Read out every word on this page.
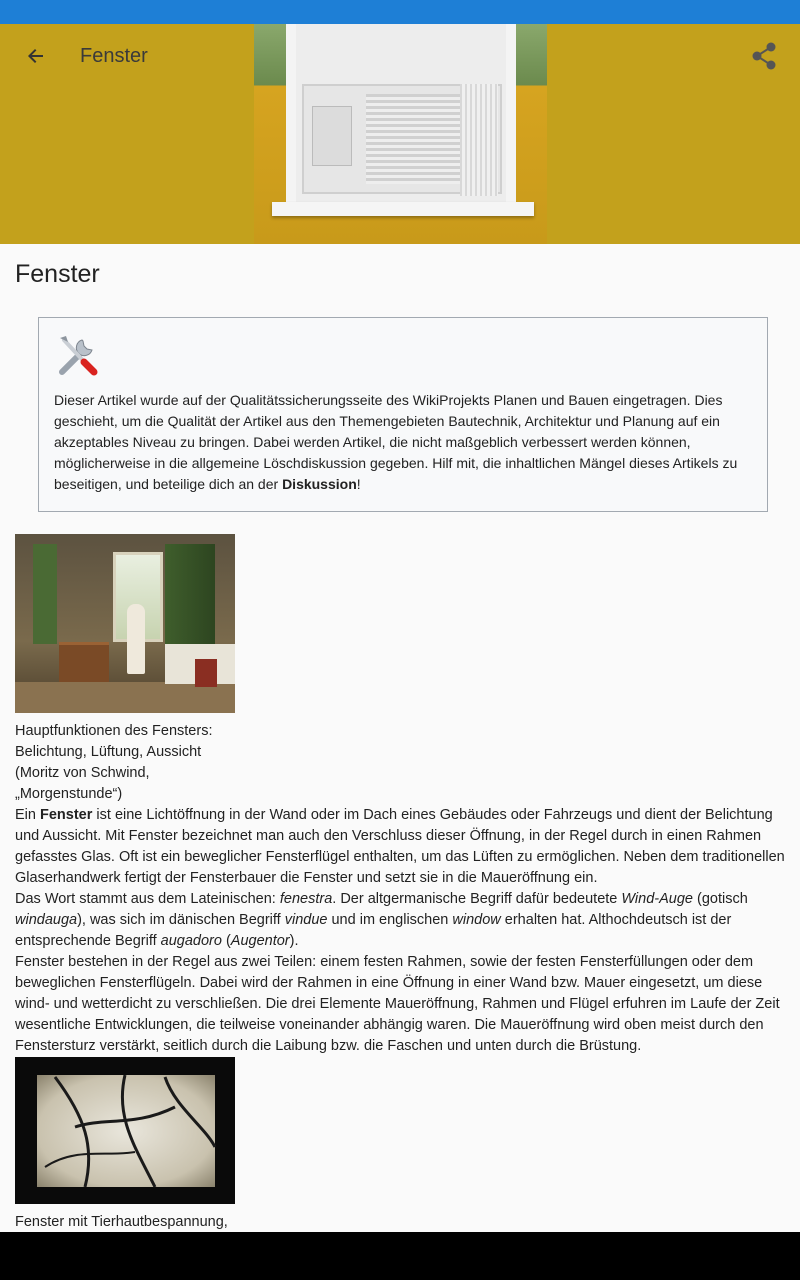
Fenster
Fenster

Dieser Artikel wurde auf der Qualitätssicherungsseite des WikiProjekts Planen und Bauen eingetragen. Dies geschieht, um die Qualität der Artikel aus den Themengebieten Bautechnik, Architektur und Planung auf ein akzeptables Niveau zu bringen. Dabei werden Artikel, die nicht maßgeblich verbessert werden können, möglicherweise in die allgemeine Löschdiskussion gegeben. Hilf mit, die inhaltlichen Mängel dieses Artikels zu beseitigen, und beteilige dich an der Diskussion!

Hauptfunktionen des Fensters: Belichtung, Lüftung, Aussicht (Moritz von Schwind, „Morgenstunde“)

Ein Fenster ist eine Lichtöffnung in der Wand oder im Dach eines Gebäudes oder Fahrzeugs und dient der Belichtung und Aussicht. Mit Fenster bezeichnet man auch den Verschluss dieser Öffnung, in der Regel durch in einen Rahmen gefasstes Glas. Oft ist ein beweglicher Fensterflügel enthalten, um das Lüften zu ermöglichen. Neben dem traditionellen Glaserhandwerk fertigt der Fensterbauer die Fenster und setzt sie in die Maueröffnung ein.

Das Wort stammt aus dem Lateinischen: fenestra. Der altgermanische Begriff dafür bedeutete Wind-Auge (gotisch windauga), was sich im dänischen Begriff vindue und im englischen window erhalten hat. Althochdeutsch ist der entsprechende Begriff augadoro (Augentor).

Fenster bestehen in der Regel aus zwei Teilen: einem festen Rahmen, sowie der festen Fensterfüllungen oder dem beweglichen Fensterflügeln. Dabei wird der Rahmen in eine Öffnung in einer Wand bzw. Mauer eingesetzt, um diese wind- und wetterdicht zu verschließen. Die drei Elemente Maueröffnung, Rahmen und Flügel erfuhren im Laufe der Zeit wesentliche Entwicklungen, die teilweise voneinander abhängig waren. Die Maueröffnung wird oben meist durch den Fenstersturz verstärkt, seitlich durch die Laibung bzw. die Faschen und unten durch die Brüstung.

Fenster mit Tierhautbespannung,
